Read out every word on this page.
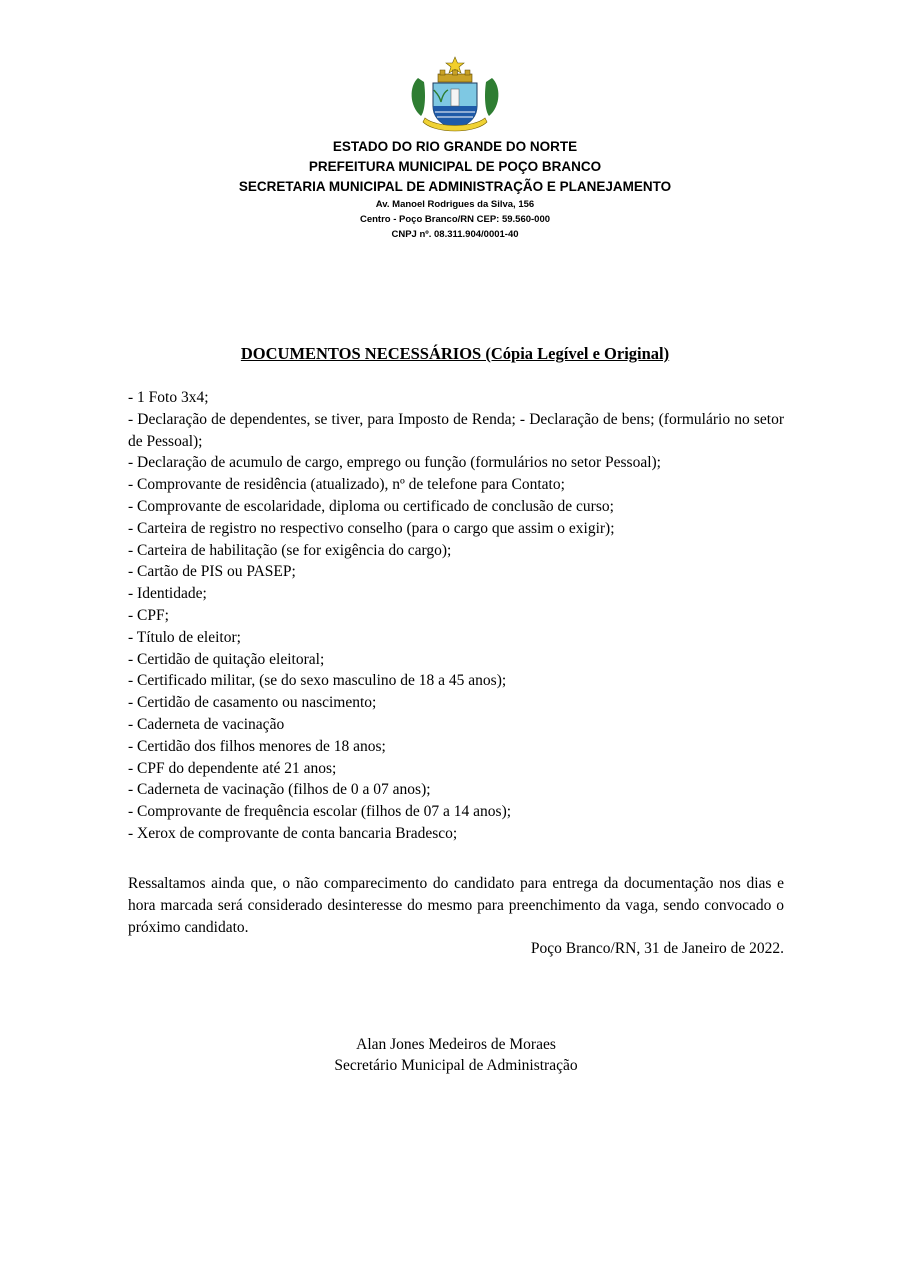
ESTADO DO RIO GRANDE DO NORTE
PREFEITURA MUNICIPAL DE POÇO BRANCO
SECRETARIA MUNICIPAL DE ADMINISTRAÇÃO E PLANEJAMENTO
Av. Manoel Rodrigues da Silva, 156
Centro - Poço Branco/RN CEP: 59.560-000
CNPJ nº. 08.311.904/0001-40
DOCUMENTOS NECESSÁRIOS (Cópia Legível e Original)

- 1 Foto 3x4;

- Declaração de dependentes, se tiver, para Imposto de Renda; - Declaração de bens; (formulário no setor de Pessoal);

- Declaração de acumulo de cargo, emprego ou função (formulários no setor Pessoal);

- Comprovante de residência (atualizado), nº de telefone para Contato;

- Comprovante de escolaridade, diploma ou certificado de conclusão de curso;

- Carteira de registro no respectivo conselho (para o cargo que assim o exigir);

- Carteira de habilitação (se for exigência do cargo);

- Cartão de PIS ou PASEP;

- Identidade;

- CPF;

- Título de eleitor;

- Certidão de quitação eleitoral;

- Certificado militar, (se do sexo masculino de 18 a 45 anos);

- Certidão de casamento ou nascimento;

- Caderneta de vacinação

- Certidão dos filhos menores de 18 anos;

- CPF do dependente até 21 anos;

- Caderneta de vacinação (filhos de 0 a 07 anos);

- Comprovante de frequência escolar (filhos de 07 a 14 anos);

- Xerox de comprovante de conta bancaria Bradesco;

Ressaltamos ainda que, o não comparecimento do candidato para entrega da documentação nos dias e hora marcada será considerado desinteresse do mesmo para preenchimento da vaga, sendo convocado o próximo candidato.
Poço Branco/RN, 31 de Janeiro de 2022.
Alan Jones Medeiros de Moraes
Secretário Municipal de Administração
